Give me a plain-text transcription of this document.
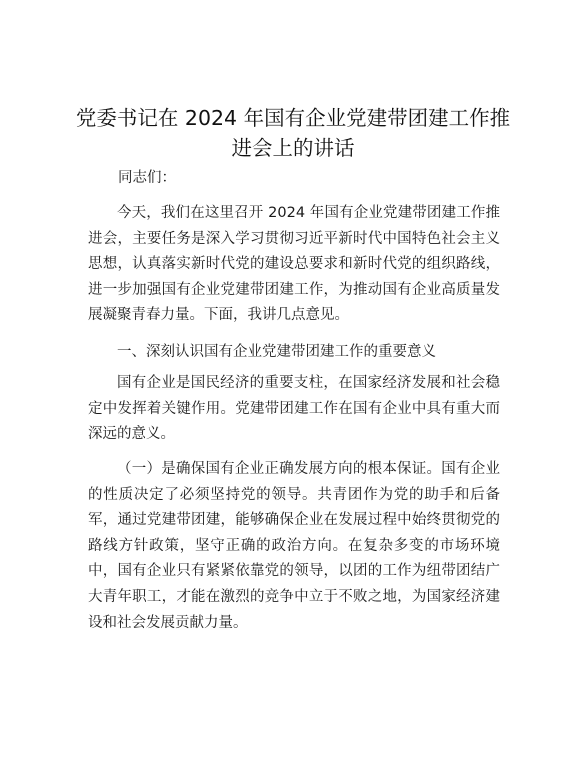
党委书记在 2024 年国有企业党建带团建工作推进会上的讲话

同志们：

今天，我们在这里召开 2024 年国有企业党建带团建工作推进会，主要任务是深入学习贯彻习近平新时代中国特色社会主义思想，认真落实新时代党的建设总要求和新时代党的组织路线，进一步加强国有企业党建带团建工作，为推动国有企业高质量发展凝聚青春力量。下面，我讲几点意见。

一、深刻认识国有企业党建带团建工作的重要意义

国有企业是国民经济的重要支柱，在国家经济发展和社会稳定中发挥着关键作用。党建带团建工作在国有企业中具有重大而深远的意义。

（一）是确保国有企业正确发展方向的根本保证。国有企业的性质决定了必须坚持党的领导。共青团作为党的助手和后备军，通过党建带团建，能够确保企业在发展过程中始终贯彻党的路线方针政策，坚守正确的政治方向。在复杂多变的市场环境中，国有企业只有紧紧依靠党的领导，以团的工作为纽带团结广大青年职工，才能在激烈的竞争中立于不败之地，为国家经济建设和社会发展贡献力量。
